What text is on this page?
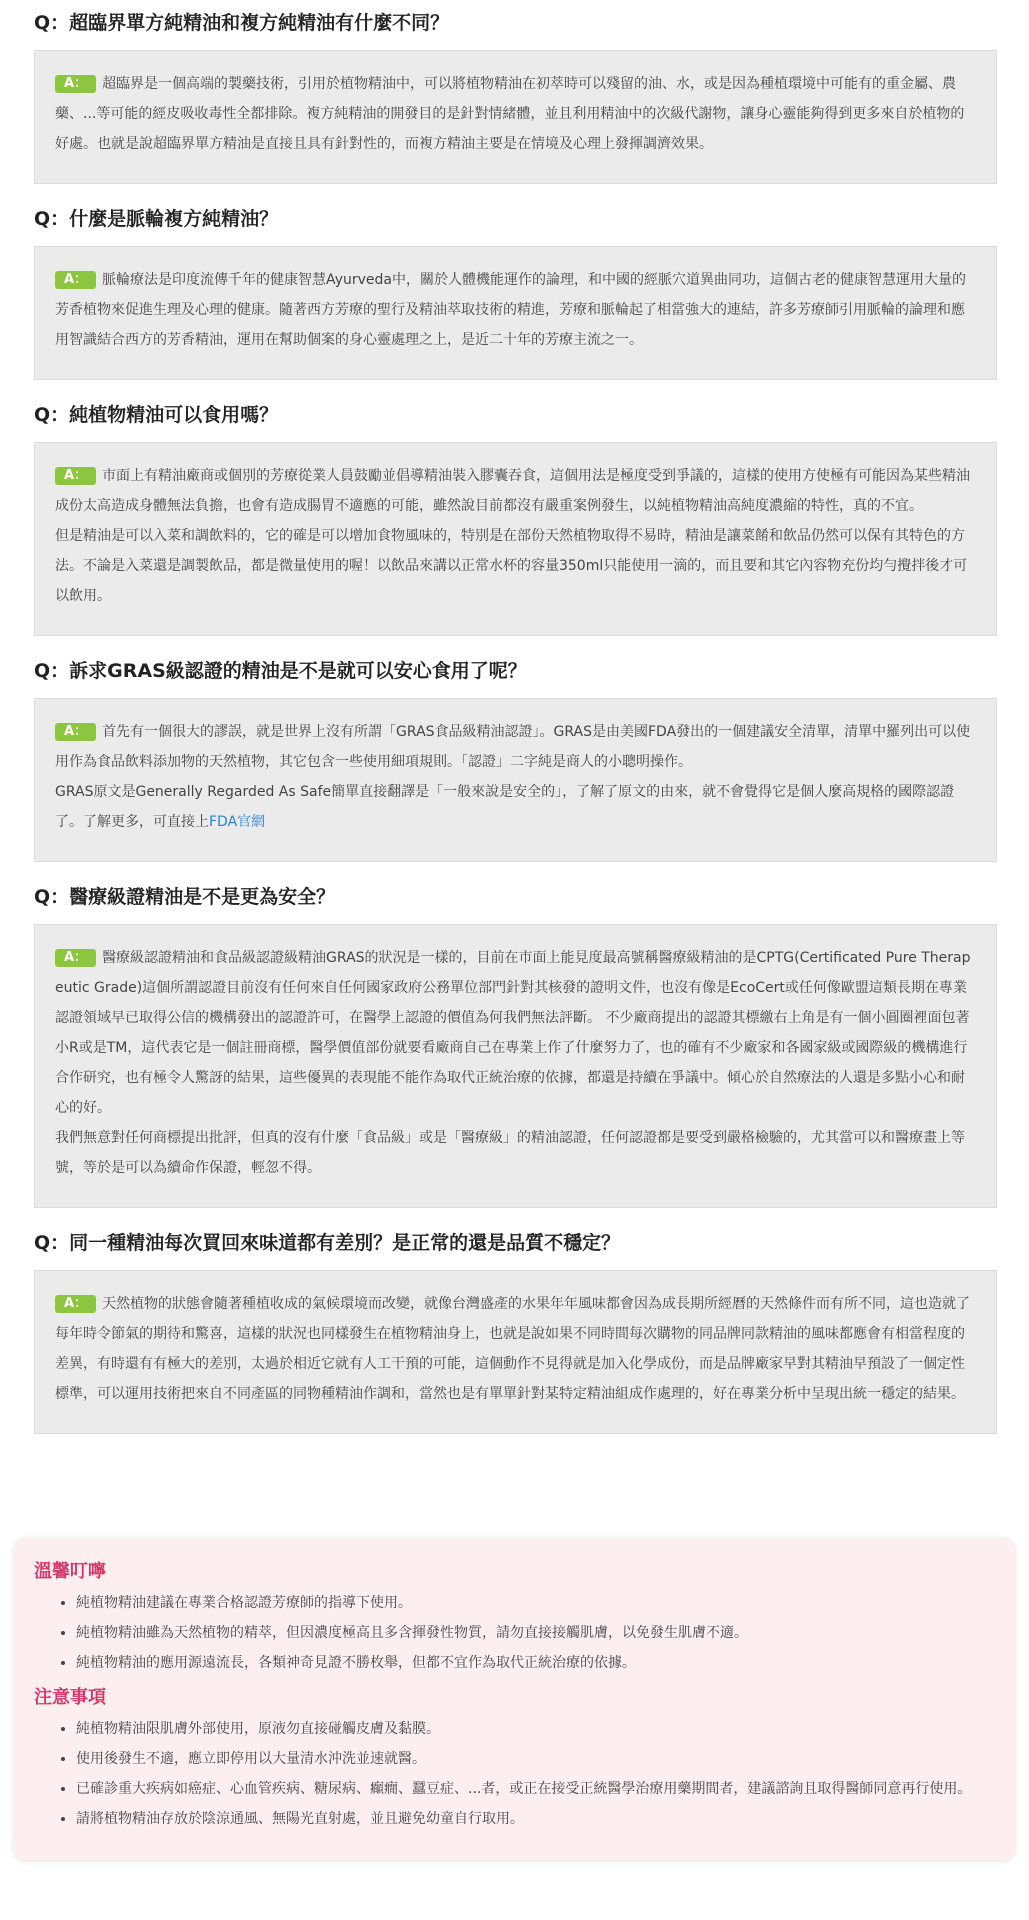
Q：超臨界單方純精油和複方純精油有什麼不同？

A： 超臨界是一個高端的製藥技術，引用於植物精油中，可以將植物精油在初萃時可以殘留的油、水，或是因為種植環境中可能有的重金屬、農藥、...等可能的經皮吸收毒性全都排除。複方純精油的開發目的是針對情緒體，並且利用精油中的次級代謝物，讓身心靈能夠得到更多來自於植物的好處。也就是說超臨界單方精油是直接且具有針對性的，而複方精油主要是在情境及心理上發揮調濟效果。

Q：什麼是脈輪複方純精油？

A： 脈輪療法是印度流傳千年的健康智慧Ayurveda中，關於人體機能運作的論理，和中國的經脈穴道異曲同功，這個古老的健康智慧運用大量的芳香植物來促進生理及心理的健康。隨著西方芳療的聖行及精油萃取技術的精進，芳療和脈輪起了相當強大的連結，許多芳療師引用脈輪的論理和應用智識結合西方的芳香精油，運用在幫助個案的身心靈處理之上，是近二十年的芳療主流之一。

Q：純植物精油可以食用嗎？

A： 市面上有精油廠商或個別的芳療從業人員鼓勵並倡導精油裝入膠囊吞食，這個用法是極度受到爭議的，這樣的使用方使極有可能因為某些精油成份太高造成身體無法負擔，也會有造成腸胃不適應的可能，雖然說目前都沒有嚴重案例發生，以純植物精油高純度濃縮的特性，真的不宜。

但是精油是可以入菜和調飲料的，它的確是可以增加食物風味的，特別是在部份天然植物取得不易時，精油是讓菜餚和飲品仍然可以保有其特色的方法。不論是入菜還是調製飲品，都是微量使用的喔！以飲品來講以正常水杯的容量350ml只能使用一滴的，而且要和其它內容物充份均勻攪拌後才可以飲用。

Q：訴求GRAS級認證的精油是不是就可以安心食用了呢？

A： 首先有一個很大的謬誤，就是世界上沒有所謂「GRAS食品級精油認證」。GRAS是由美國FDA發出的一個建議安全清單，清單中羅列出可以使用作為食品飲料添加物的天然植物，其它包含一些使用細項規則。「認證」二字純是商人的小聰明操作。

GRAS原文是Generally Regarded As Safe簡單直接翻譯是「一般來說是安全的」，了解了原文的由來，就不會覺得它是個人麼高規格的國際認證了。了解更多，可直接上FDA官網

Q：醫療級證精油是不是更為安全？

A： 醫療級認證精油和食品級認證級精油GRAS的狀況是一樣的，目前在市面上能見度最高號稱醫療級精油的是CPTG(Certificated Pure Therapeutic Grade)這個所謂認證目前沒有任何來自任何國家政府公務單位部門針對其核發的證明文件，也沒有像是EcoCert或任何像歐盟這類長期在專業認證領域早已取得公信的機構發出的認證許可，在醫學上認證的價值為何我們無法評斷。 不少廠商提出的認證其標繳右上角是有一個小圓圈裡面包著小R或是TM，這代表它是一個註冊商標，醫學價值部份就要看廠商自己在專業上作了什麼努力了，也的確有不少廠家和各國家級或國際級的機構進行合作研究，也有極令人驚訝的結果，這些優異的表現能不能作為取代正統治療的依據，都還是持續在爭議中。傾心於自然療法的人還是多點小心和耐心的好。

我們無意對任何商標提出批評，但真的沒有什麼「食品級」或是「醫療級」的精油認證，任何認證都是要受到嚴格檢驗的，尤其當可以和醫療畫上等號，等於是可以為續命作保證，輕忽不得。

Q：同一種精油每次買回來味道都有差別？是正常的還是品質不穩定？

A： 天然植物的狀態會隨著種植收成的氣候環境而改變，就像台灣盛產的水果年年風味都會因為成長期所經曆的天然條件而有所不同，這也造就了每年時令節氣的期待和驚喜，這樣的狀況也同樣發生在植物精油身上，也就是說如果不同時間每次購物的同品牌同款精油的風味都應會有相當程度的差異，有時還有有極大的差別，太過於相近它就有人工干預的可能，這個動作不見得就是加入化學成份，而是品牌廠家早對其精油早預設了一個定性標準，可以運用技術把來自不同產區的同物種精油作調和，當然也是有單單針對某特定精油組成作處理的，好在專業分析中呈現出統一穩定的結果。

溫馨叮嚀
• 純植物精油建議在專業合格認證芳療師的指導下使用。
• 純植物精油雖為天然植物的精萃，但因濃度極高且多含揮發性物質，請勿直接接觸肌膚，以免發生肌膚不適。
• 純植物精油的應用源遠流長，各類神奇見證不勝枚舉，但都不宜作為取代正統治療的依據。
注意事項
• 純植物精油限肌膚外部使用，原液勿直接碰觸皮膚及黏膜。
• 使用後發生不適，應立即停用以大量清水沖洗並速就醫。
• 已確診重大疾病如癌症、心血管疾病、糖尿病、癲癇、蠶豆症、...者，或正在接受正統醫學治療用藥期間者，建議諮詢且取得醫師同意再行使用。
• 請將植物精油存放於陰涼通風、無陽光直射處，並且避免幼童自行取用。
